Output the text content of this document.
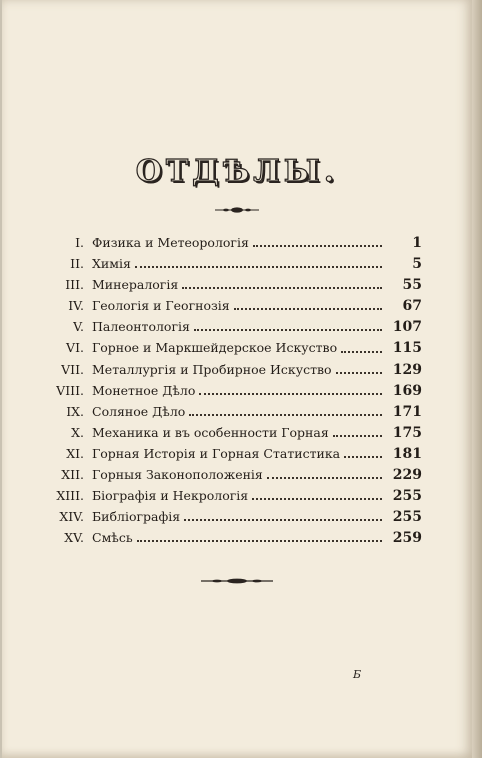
ОТДѢЛЫ.
I. Физика и Метеорологія	1
II. Химія	5
III. Минералогія	55
IV. Геологія и Геогнозія	67
V. Палеонтологія	107
VI. Горное и Маркшейдерское Искуство	115
VII. Металлургія и Пробирное Искуство	129
VIII. Монетное Дѣло	169
IX. Соляное Дѣло	171
X. Механика и въ особенности Горная	175
XI. Горная Исторія и Горная Статистика	181
XII. Горныя Законоположенія	229
XIII. Біографія и Некрологія	255
XIV. Библіографія	255
XV. Смѣсь	259
Б
